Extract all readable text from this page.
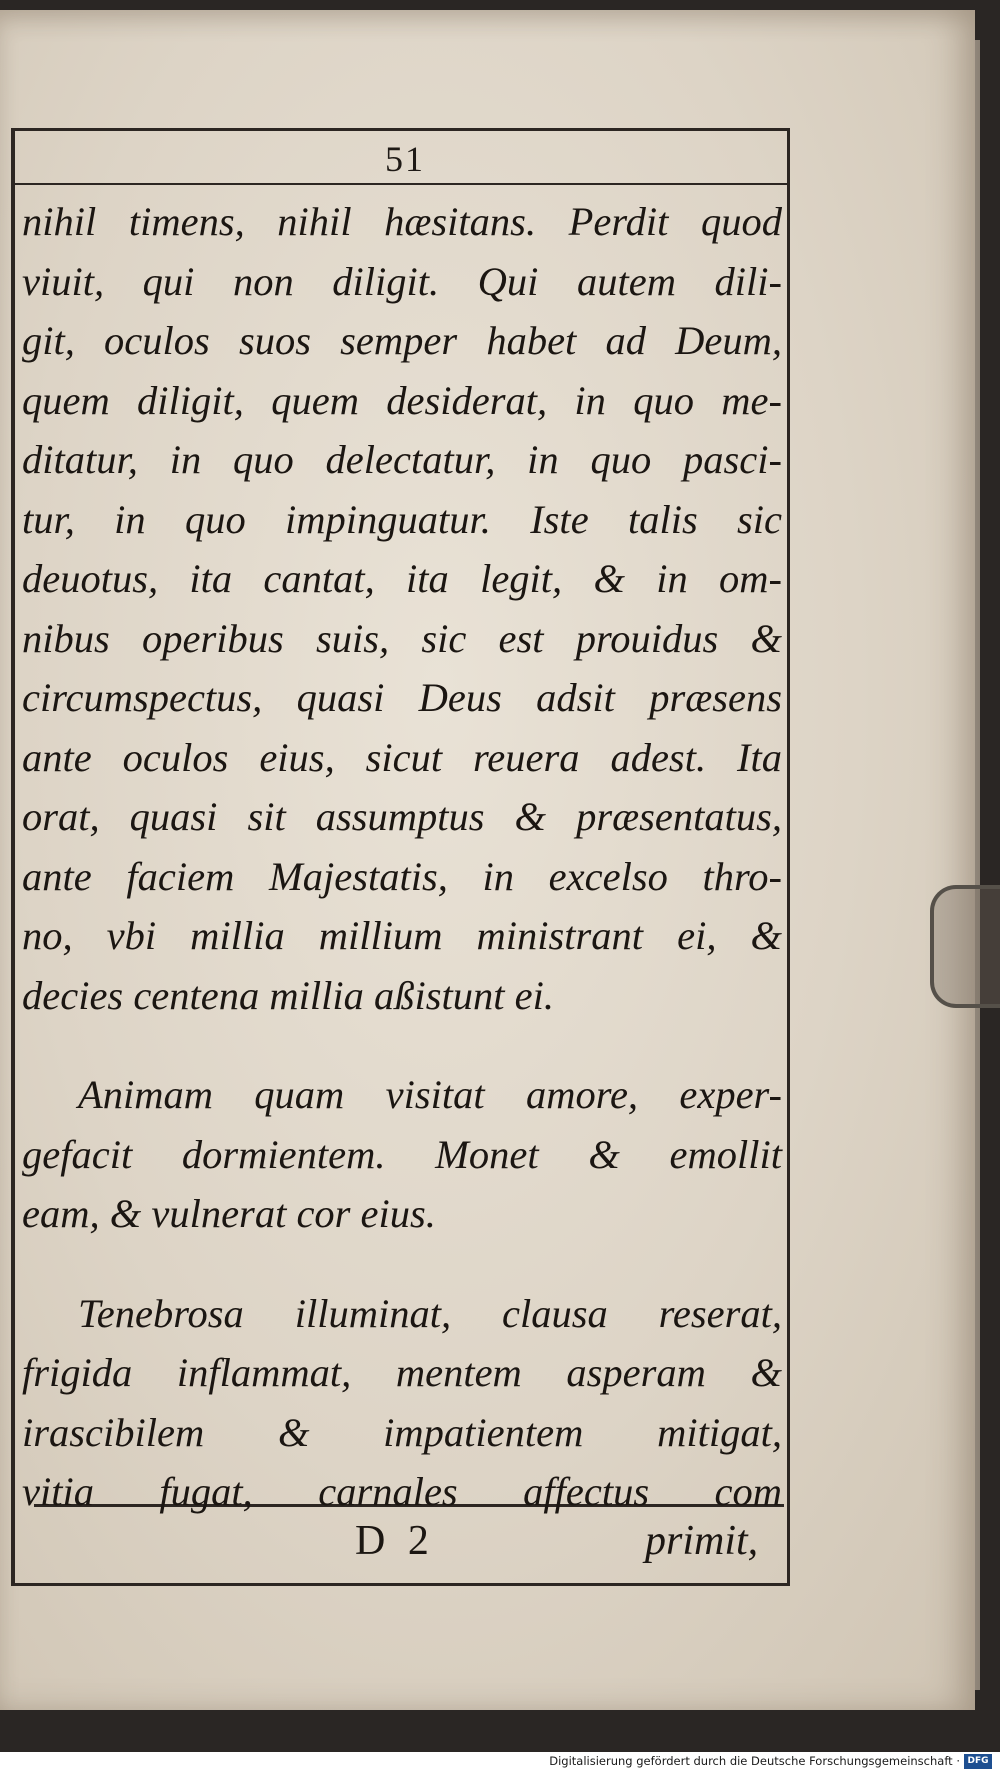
51
nihil timens, nihil hæsitans. Perdit quod
viuit, qui non diligit. Qui autem dili-
git, oculos suos semper habet ad Deum,
quem diligit, quem desiderat, in quo me-
ditatur, in quo delectatur, in quo pasci-
tur, in quo impinguatur. Iste talis sic
deuotus, ita cantat, ita legit, & in om-
nibus operibus suis, sic est prouidus &
circumspectus, quasi Deus adsit præsens
ante oculos eius, sicut reuera adest. Ita
orat, quasi sit assumptus & præsentatus,
ante faciem Majestatis, in excelso thro-
no, vbi millia millium ministrant ei, &
decies centena millia aßistunt ei.
Animam quam visitat amore, exper-
gefacit dormientem. Monet & emollit
eam, & vulnerat cor eius.
Tenebrosa illuminat, clausa reserat,
frigida inflammat, mentem asperam &
irascibilem & impatientem mitigat,
vitia fugat, carnales affectus com
D 2	primit,
Digitalisierung gefördert durch die Deutsche Forschungsgemeinschaft · DFG
